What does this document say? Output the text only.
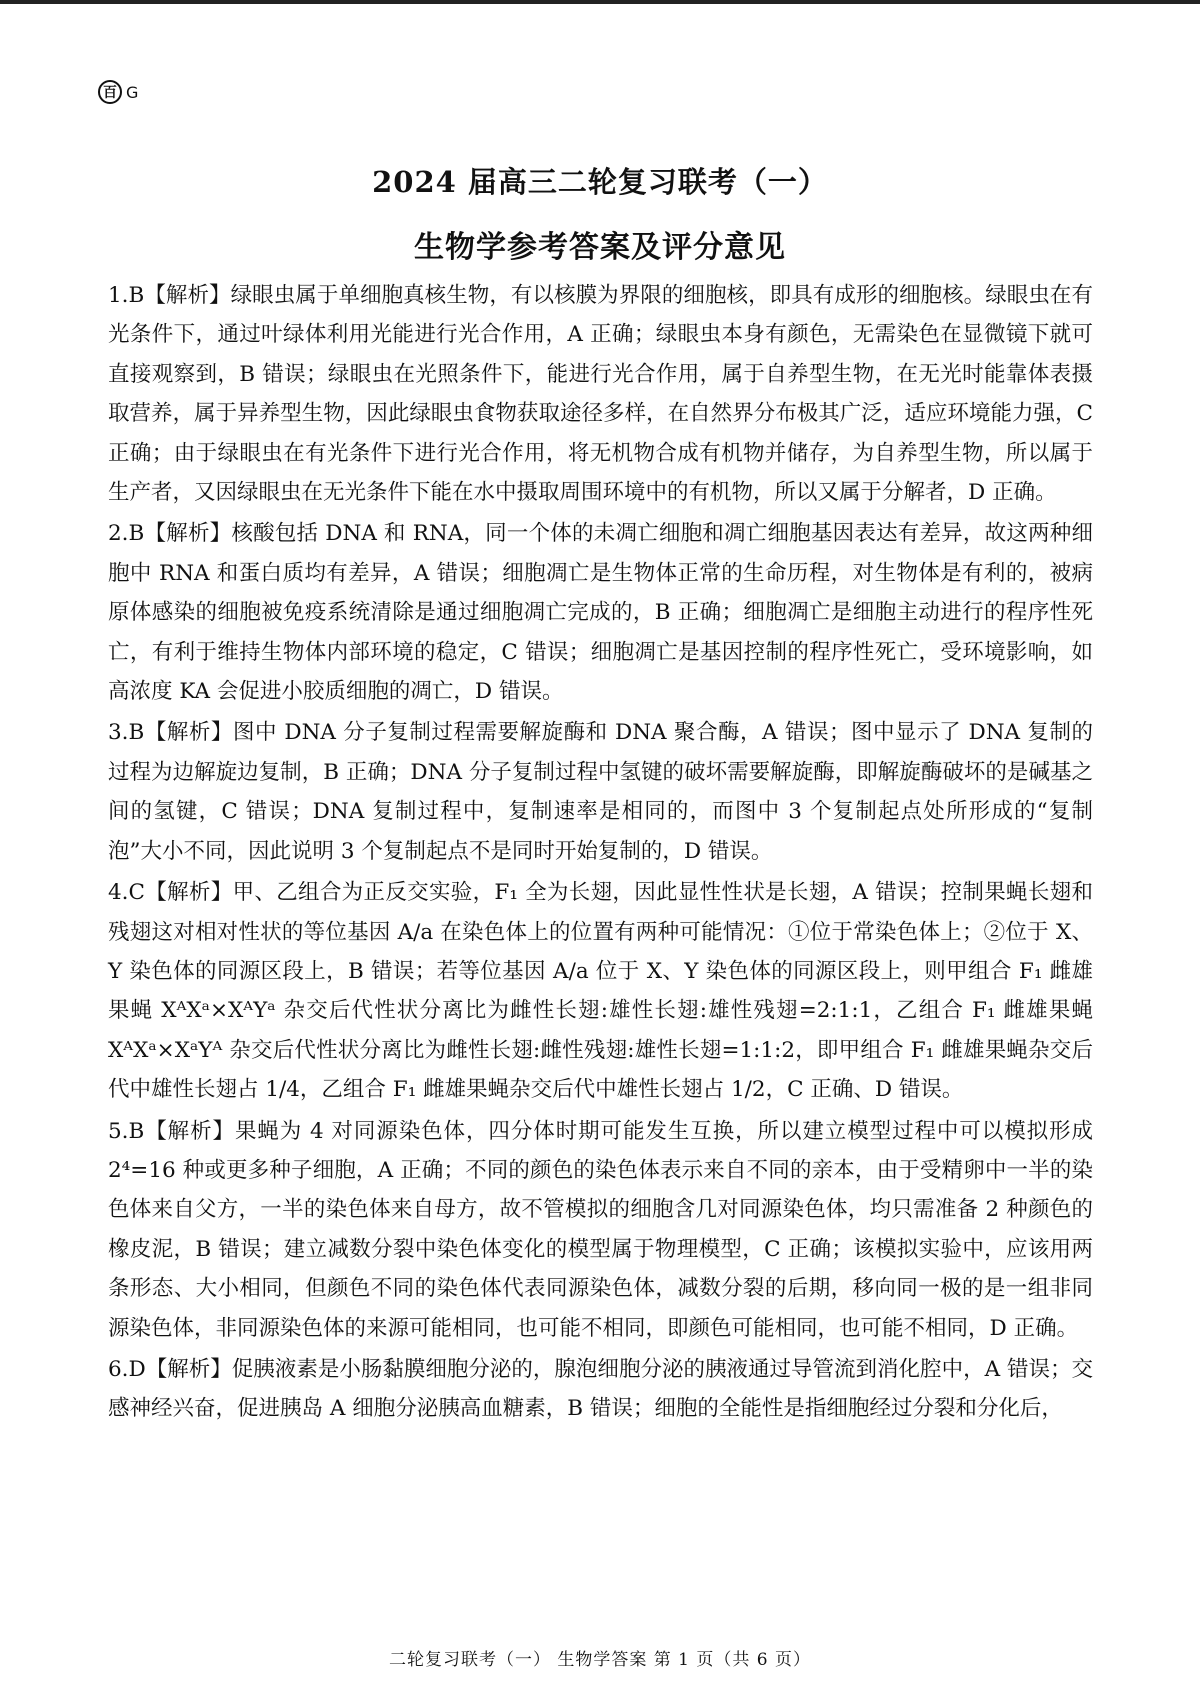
百 G
2024 届高三二轮复习联考（一）
生物学参考答案及评分意见

1.B【解析】绿眼虫属于单细胞真核生物，有以核膜为界限的细胞核，即具有成形的细胞核。绿眼虫在有光条件下，通过叶绿体利用光能进行光合作用，A 正确；绿眼虫本身有颜色，无需染色在显微镜下就可直接观察到，B 错误；绿眼虫在光照条件下，能进行光合作用，属于自养型生物，在无光时能靠体表摄取营养，属于异养型生物，因此绿眼虫食物获取途径多样，在自然界分布极其广泛，适应环境能力强，C 正确；由于绿眼虫在有光条件下进行光合作用，将无机物合成有机物并储存，为自养型生物，所以属于生产者，又因绿眼虫在无光条件下能在水中摄取周围环境中的有机物，所以又属于分解者，D 正确。

2.B【解析】核酸包括 DNA 和 RNA，同一个体的未凋亡细胞和凋亡细胞基因表达有差异，故这两种细胞中 RNA 和蛋白质均有差异，A 错误；细胞凋亡是生物体正常的生命历程，对生物体是有利的，被病原体感染的细胞被免疫系统清除是通过细胞凋亡完成的，B 正确；细胞凋亡是细胞主动进行的程序性死亡，有利于维持生物体内部环境的稳定，C 错误；细胞凋亡是基因控制的程序性死亡，受环境影响，如高浓度 KA 会促进小胶质细胞的凋亡，D 错误。

3.B【解析】图中 DNA 分子复制过程需要解旋酶和 DNA 聚合酶，A 错误；图中显示了 DNA 复制的过程为边解旋边复制，B 正确；DNA 分子复制过程中氢键的破坏需要解旋酶，即解旋酶破坏的是碱基之间的氢键，C 错误；DNA 复制过程中，复制速率是相同的，而图中 3 个复制起点处所形成的“复制泡”大小不同，因此说明 3 个复制起点不是同时开始复制的，D 错误。

4.C【解析】甲、乙组合为正反交实验，F₁ 全为长翅，因此显性性状是长翅，A 错误；控制果蝇长翅和残翅这对相对性状的等位基因 A/a 在染色体上的位置有两种可能情况：①位于常染色体上；②位于 X、Y 染色体的同源区段上，B 错误；若等位基因 A/a 位于 X、Y 染色体的同源区段上，则甲组合 F₁ 雌雄果蝇 XᴬXᵃ×XᴬYᵃ 杂交后代性状分离比为雌性长翅:雄性长翅:雄性残翅=2:1:1，乙组合 F₁ 雌雄果蝇 XᴬXᵃ×XᵃYᴬ 杂交后代性状分离比为雌性长翅:雌性残翅:雄性长翅=1:1:2，即甲组合 F₁ 雌雄果蝇杂交后代中雄性长翅占 1/4，乙组合 F₁ 雌雄果蝇杂交后代中雄性长翅占 1/2，C 正确、D 错误。

5.B【解析】果蝇为 4 对同源染色体，四分体时期可能发生互换，所以建立模型过程中可以模拟形成 2⁴=16 种或更多种子细胞，A 正确；不同的颜色的染色体表示来自不同的亲本，由于受精卵中一半的染色体来自父方，一半的染色体来自母方，故不管模拟的细胞含几对同源染色体，均只需准备 2 种颜色的橡皮泥，B 错误；建立减数分裂中染色体变化的模型属于物理模型，C 正确；该模拟实验中，应该用两条形态、大小相同，但颜色不同的染色体代表同源染色体，减数分裂的后期，移向同一极的是一组非同源染色体，非同源染色体的来源可能相同，也可能不相同，即颜色可能相同，也可能不相同，D 正确。

6.D【解析】促胰液素是小肠黏膜细胞分泌的，腺泡细胞分泌的胰液通过导管流到消化腔中，A 错误；交感神经兴奋，促进胰岛 A 细胞分泌胰高血糖素，B 错误；细胞的全能性是指细胞经过分裂和分化后，

二轮复习联考（一） 生物学答案 第 1 页（共 6 页）
